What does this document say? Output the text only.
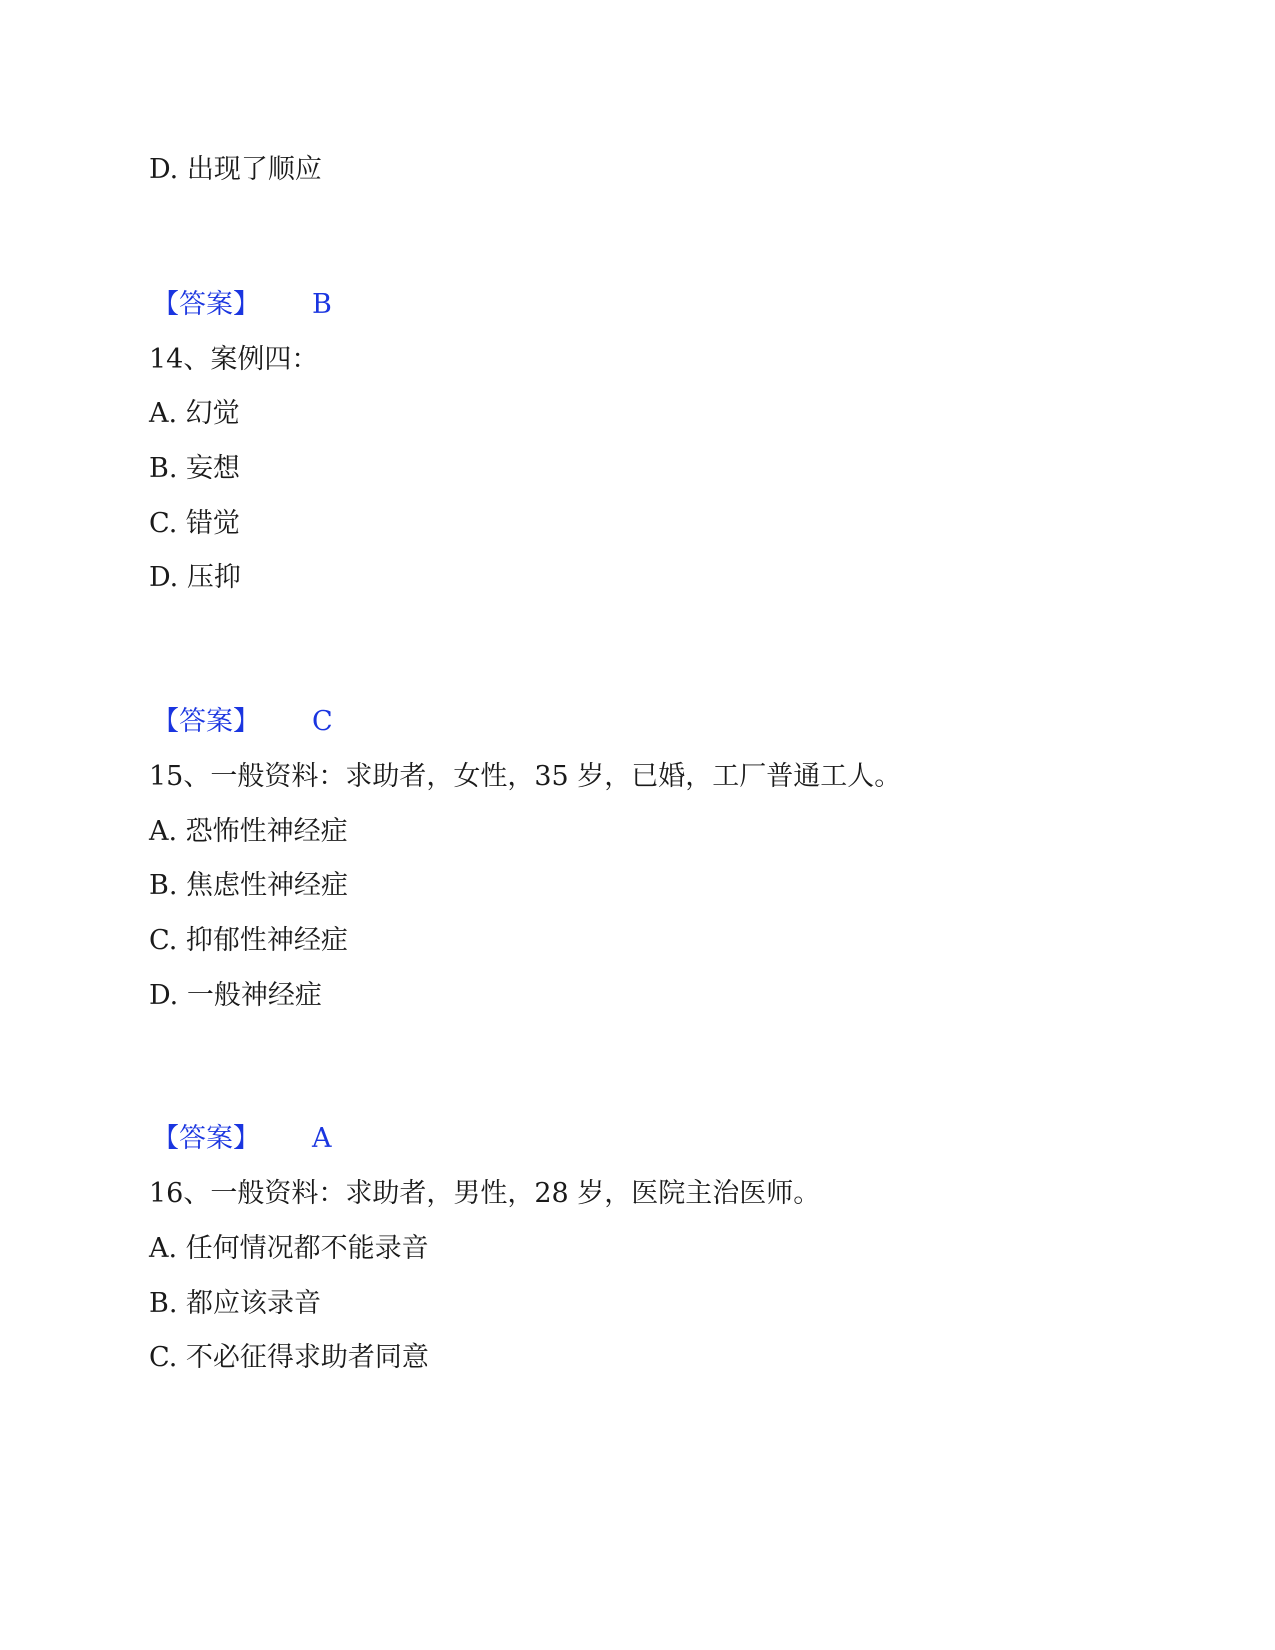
D. 出现了顺应
【答案】 B
14、案例四：
A. 幻觉
B. 妄想
C. 错觉
D. 压抑
【答案】 C
15、一般资料：求助者，女性，35 岁，已婚，工厂普通工人。
A. 恐怖性神经症
B. 焦虑性神经症
C. 抑郁性神经症
D. 一般神经症
【答案】 A
16、一般资料：求助者，男性，28 岁，医院主治医师。
A. 任何情况都不能录音
B. 都应该录音
C. 不必征得求助者同意
